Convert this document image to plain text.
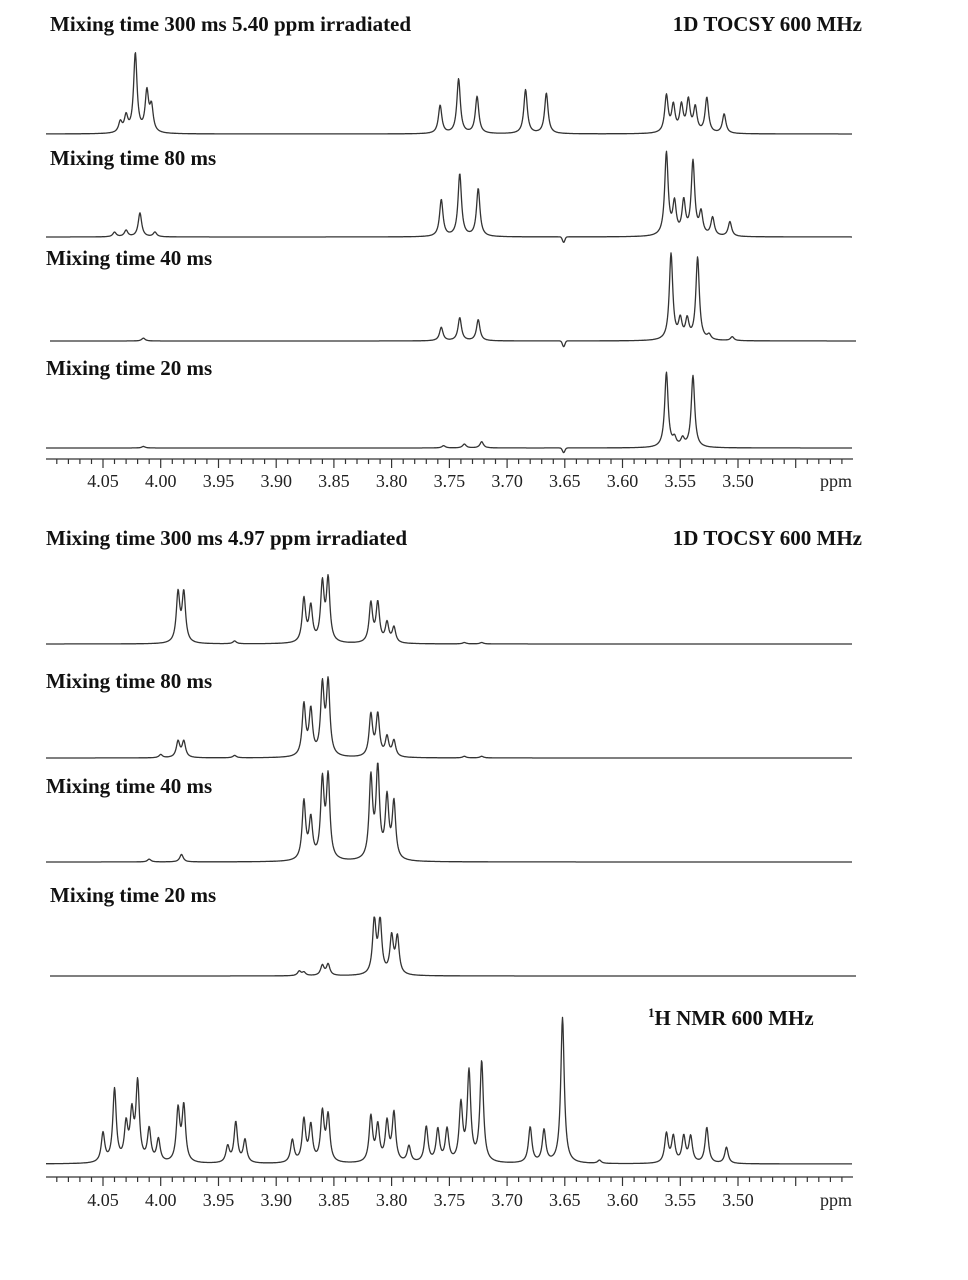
Mixing time 300 ms 5.40 ppm irradiated	1D TOCSY 600 MHz
Mixing time 80 ms
Mixing time 40 ms
Mixing time 20 ms
4.05 4.00 3.95 3.90 3.85 3.80 3.75 3.70 3.65 3.60 3.55 3.50	ppm
Mixing time 300 ms 4.97 ppm irradiated	1D TOCSY 600 MHz
Mixing time 80 ms
Mixing time 40 ms
Mixing time 20 ms
$^1$H NMR 600 MHz
4.05 4.00 3.95 3.90 3.85 3.80 3.75 3.70 3.65 3.60 3.55 3.50	ppm
